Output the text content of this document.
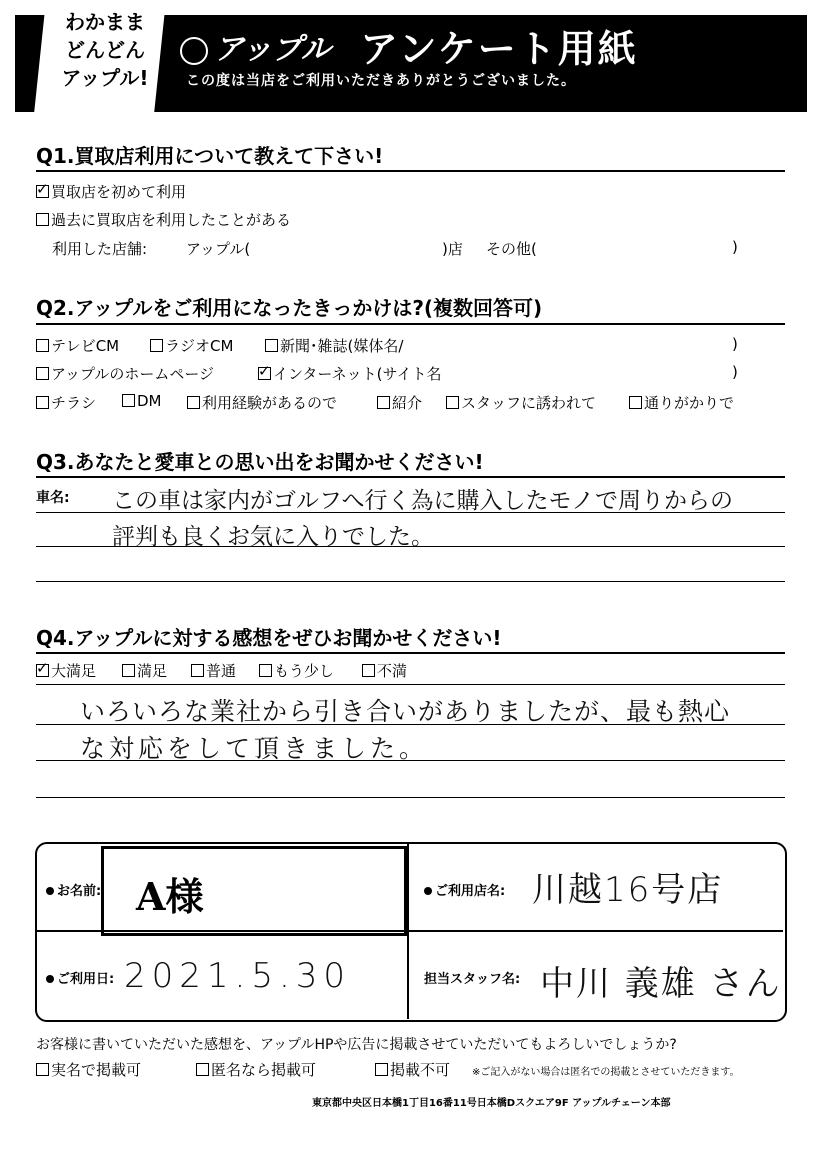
わかまま
どんどん
アップル!
アップル アンケート用紙
この度は当店をご利用いただきありがとうございました。
Q1.買取店利用について教えて下さい!
✓買取店を初めて利用
過去に買取店を利用したことがある
利用した店舗:	アップル(	)店 その他(	)
Q2.アップルをご利用になったきっかけは?(複数回答可)
テレビCM	ラジオCM	新聞･雑誌(媒体名/	)
アップルのホームページ
✓	インターネット(サイト名	)
チラシ	DM	利用経験があるので	紹介	スタッフに誘われて	通りがかりで
Q3.あなたと愛車との思い出をお聞かせください!
車名: この車は家内がゴルフへ行く為に購入したモノで周りからの
評判も良くお気に入りでした。
Q4.アップルに対する感想をぜひお聞かせください!
✓大満足	満足	普通	もう少し	不満
いろいろな業社から引き合いがありましたが、最も熱心
な対応をして頂きました。
お名前: A様	ご利用店名: 川越16号店
ご利用日: 2021.5.30	担当スタッフ名: 中川 義雄 さん
お客様に書いていただいた感想を、アップルHPや広告に掲載させていただいてもよろしいでしょうか?
実名で掲載可	匿名なら掲載可	掲載不可 ※ご記入がない場合は匿名での掲載とさせていただきます。
東京都中央区日本橋1丁目16番11号日本橋Dスクエア9F アップルチェーン本部
